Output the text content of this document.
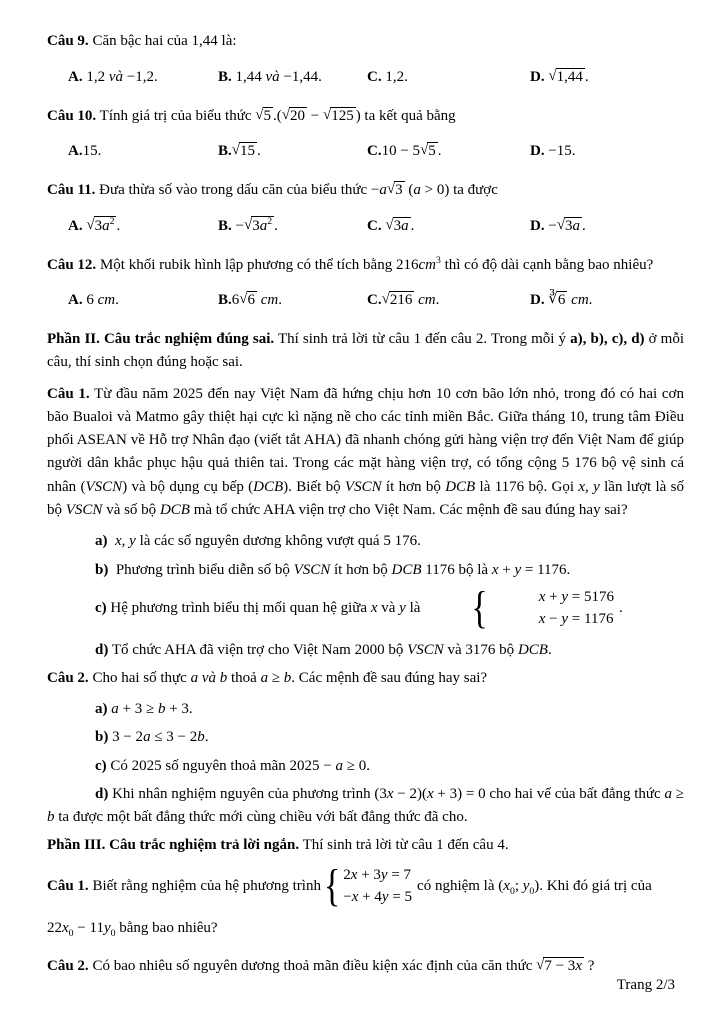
Câu 9. Căn bậc hai của 1,44 là:

A. 1,2 và −1,2.	B. 1,44 và −1,44.	C. 1,2.	D. √1,44 .

Câu 10. Tính giá trị của biểu thức √5 .(√20 − √125 ) ta kết quả bằng

A.15.	B.√15 .	C.10 − 5√5 .	D. −15.

Câu 11. Đưa thừa số vào trong dấu căn của biểu thức −a√3 (a > 0) ta được

A. $√3a^2$ .	B. $-√3a^2$ .	C. √3a .	D. −√3a .

Câu 12. Một khối rubik hình lập phương có thể tích bằng $216cm^3$ thì có độ dài cạnh bằng bao nhiêu?

A. 6 cm.	B.6√6 cm.	C.√216 cm.	D. ∛6 cm.

Phần II. Câu trắc nghiệm đúng sai. Thí sinh trả lời từ câu 1 đến câu 2. Trong mỗi ý a), b), c), d) ở mỗi câu, thí sinh chọn đúng hoặc sai.

Câu 1. Từ đầu năm 2025 đến nay Việt Nam đã hứng chịu hơn 10 cơn bão lớn nhỏ, trong đó có hai cơn bão Bualoi và Matmo gây thiệt hại cực kì nặng nề cho các tỉnh miền Bắc. Giữa tháng 10, trung tâm Điều phối ASEAN về Hỗ trợ Nhân đạo (viết tắt AHA) đã nhanh chóng gửi hàng viện trợ đến Việt Nam để giúp người dân khắc phục hậu quả thiên tai. Trong các mặt hàng viện trợ, có tổng cộng 5 176 bộ vệ sinh cá nhân (VSCN) và bộ dụng cụ bếp (DCB). Biết bộ VSCN ít hơn bộ DCB là 1176 bộ. Gọi x, y lần lượt là số bộ VSCN và số bộ DCB mà tổ chức AHA viện trợ cho Việt Nam. Các mệnh đề sau đúng hay sai?

a) x, y là các số nguyên dương không vượt quá 5 176.

b) Phương trình biểu diễn số bộ VSCN ít hơn bộ DCB 1176 bộ là x + y = 1176.

c) Hệ phương trình biểu thị mối quan hệ giữa x và y là	{	x + y = 5176
x − y = 1176
.

d) Tổ chức AHA đã viện trợ cho Việt Nam 2000 bộ VSCN và 3176 bộ DCB.

Câu 2. Cho hai số thực a và b thoả a ≥ b. Các mệnh đề sau đúng hay sai?

a) a + 3 ≥ b + 3.

b) 3 − 2a ≤ 3 − 2b.

c) Có 2025 số nguyên thoả mãn 2025 − a ≥ 0.

d) Khi nhân nghiệm nguyên của phương trình (3x − 2)(x + 3) = 0 cho hai vế của bất đẳng thức a ≥ b ta được một bất đẳng thức mới cùng chiều với bất đẳng thức đã cho.

Phần III. Câu trắc nghiệm trả lời ngắn. Thí sinh trả lời từ câu 1 đến câu 4.

Câu 1. Biết rằng nghiệm của hệ phương trình { 2x + 3y = 7
−x + 4y = 5
có nghiệm là ($x_0$; $y_0$). Khi đó giá trị của

$22x_0 - 11y_0$ bằng bao nhiêu?

Câu 2. Có bao nhiêu số nguyên dương thoả mãn điều kiện xác định của căn thức √7 − 3x ?

Trang 2/3
